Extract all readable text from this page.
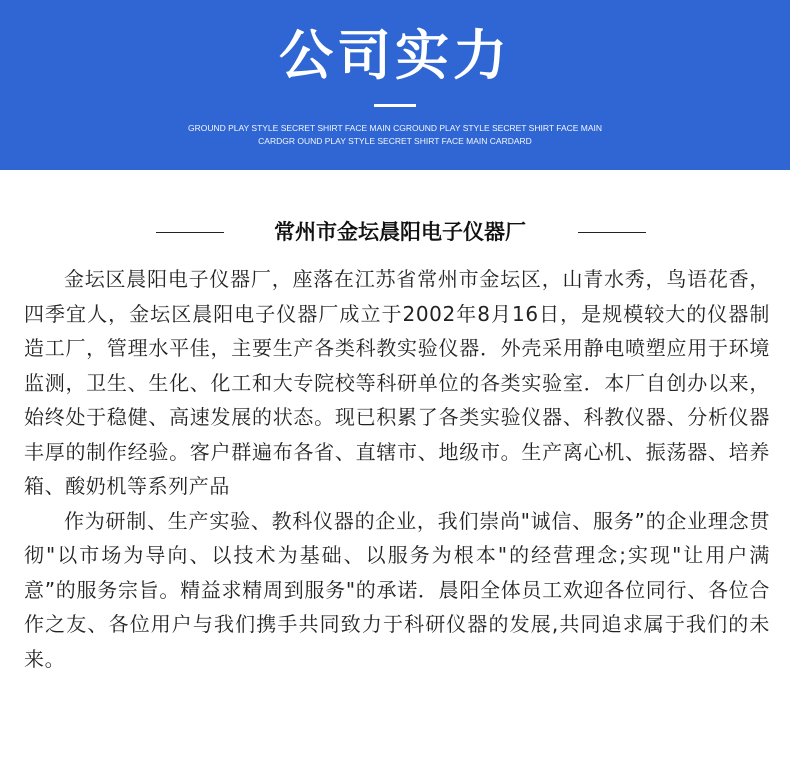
公司实力
GROUND PLAY STYLE SECRET SHIRT FACE MAIN CGROUND PLAY STYLE SECRET SHIRT FACE MAIN CARDGR OUND PLAY STYLE SECRET SHIRT FACE MAIN CARDARD
常州市金坛晨阳电子仪器厂

金坛区晨阳电子仪器厂，座落在江苏省常州市金坛区，山青水秀，鸟语花香，四季宜人，金坛区晨阳电子仪器厂成立于2002年8月16日，是规模较大的仪器制造工厂，管理水平佳，主要生产各类科教实验仪器．外壳采用静电喷塑应用于环境监测，卫生、生化、化工和大专院校等科研单位的各类实验室．本厂自创办以来，始终处于稳健、高速发展的状态。现已积累了各类实验仪器、科教仪器、分析仪器丰厚的制作经验。客户群遍布各省、直辖市、地级市。生产离心机、振荡器、培养箱、酸奶机等系列产品

作为研制、生产实验、教科仪器的企业，我们崇尚"诚信、服务”的企业理念贯彻"以市场为导向、以技术为基础、以服务为根本"的经营理念;实现"让用户满意”的服务宗旨。精益求精周到服务"的承诺．晨阳全体员工欢迎各位同行、各位合作之友、各位用户与我们携手共同致力于科研仪器的发展,共同追求属于我们的未来。
